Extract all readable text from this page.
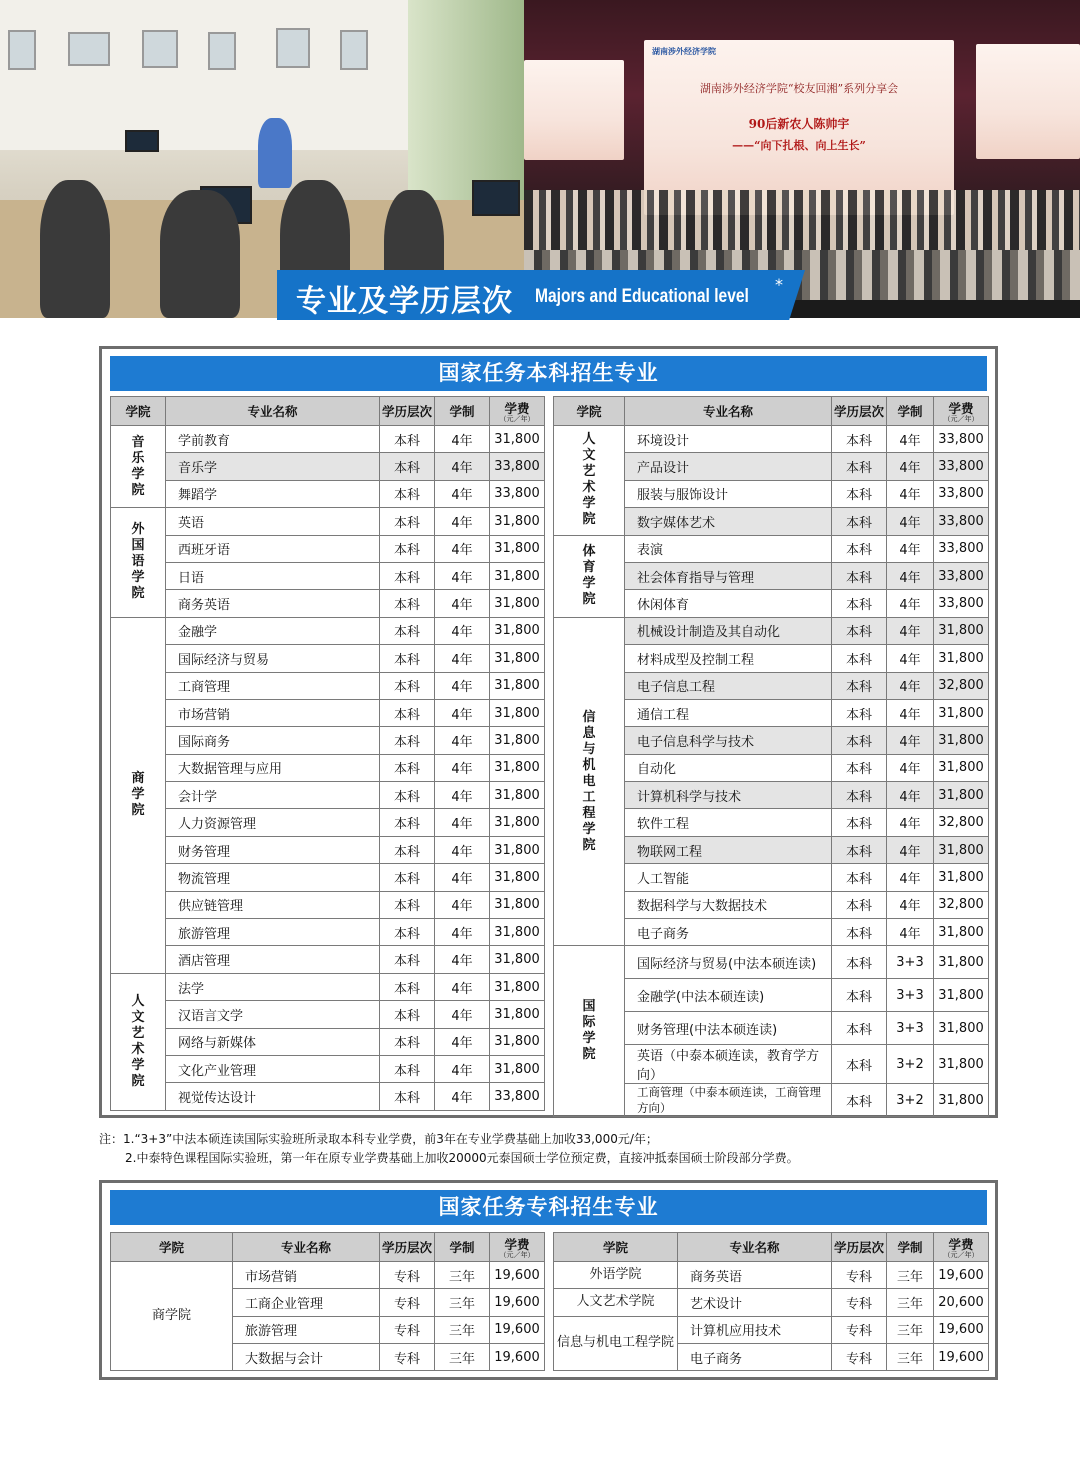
湖南涉外经济学院
湖南涉外经济学院“校友回湘”系列分享会
90后新农人陈帅宇
——“向下扎根、向上生长”
专业及学历层次 Majors and Educational level
*
国家任务本科招生专业
学院	专业名称	学历层次	学制	学费
（元／年）

音乐学院	学前教育	本科	4年	31,800
	音乐学	本科	4年	33,800
	舞蹈学	本科	4年	33,800
外国语学院	英语	本科	4年	31,800
	西班牙语	本科	4年	31,800
	日语	本科	4年	31,800
	商务英语	本科	4年	31,800
商学院	金融学	本科	4年	31,800
	国际经济与贸易	本科	4年	31,800
	工商管理	本科	4年	31,800
	市场营销	本科	4年	31,800
	国际商务	本科	4年	31,800
	大数据管理与应用	本科	4年	31,800
	会计学	本科	4年	31,800
	人力资源管理	本科	4年	31,800
	财务管理	本科	4年	31,800
	物流管理	本科	4年	31,800
	供应链管理	本科	4年	31,800
	旅游管理	本科	4年	31,800
	酒店管理	本科	4年	31,800
人文艺术学院	法学	本科	4年	31,800
	汉语言文学	本科	4年	31,800
	网络与新媒体	本科	4年	31,800
	文化产业管理	本科	4年	31,800
	视觉传达设计	本科	4年	33,800
学院	专业名称	学历层次	学制	学费
（元／年）

人文艺术学院	环境设计	本科	4年	33,800
	产品设计	本科	4年	33,800
	服装与服饰设计	本科	4年	33,800
	数字媒体艺术	本科	4年	33,800
体育学院	表演	本科	4年	33,800
	社会体育指导与管理	本科	4年	33,800
	休闲体育	本科	4年	33,800
信息与机电工程学院	机械设计制造及其自动化	本科	4年	31,800
	材料成型及控制工程	本科	4年	31,800
	电子信息工程	本科	4年	32,800
	通信工程	本科	4年	31,800
	电子信息科学与技术	本科	4年	31,800
	自动化	本科	4年	31,800
	计算机科学与技术	本科	4年	31,800
	软件工程	本科	4年	32,800
	物联网工程	本科	4年	31,800
	人工智能	本科	4年	31,800
	数据科学与大数据技术	本科	4年	32,800
	电子商务	本科	4年	31,800
国际学院	国际经济与贸易(中法本硕连读)	本科	3+3	31,800
	金融学(中法本硕连读)	本科	3+3	31,800
	财务管理(中法本硕连读)	本科	3+3	31,800
	英语（中泰本硕连读，教育学方向）	本科	3+2	31,800
	工商管理（中泰本硕连读，工商管理方向）	本科	3+2	31,800
注：1.“3+3”中法本硕连读国际实验班所录取本科专业学费，前3年在专业学费基础上加收33,000元/年；
2.中泰特色课程国际实验班，第一年在原专业学费基础上加收20000元泰国硕士学位预定费，直接冲抵泰国硕士阶段部分学费。
国家任务专科招生专业
学院	专业名称	学历层次	学制	学费
（元／年）

商学院	市场营销	专科	三年	19,600
	工商企业管理	专科	三年	19,600
	旅游管理	专科	三年	19,600
	大数据与会计	专科	三年	19,600
学院	专业名称	学历层次	学制	学费
（元／年）

外语学院	商务英语	专科	三年	19,600
人文艺术学院	艺术设计	专科	三年	20,600
信息与机电工程学院	计算机应用技术	专科	三年	19,600
	电子商务	专科	三年	19,600
